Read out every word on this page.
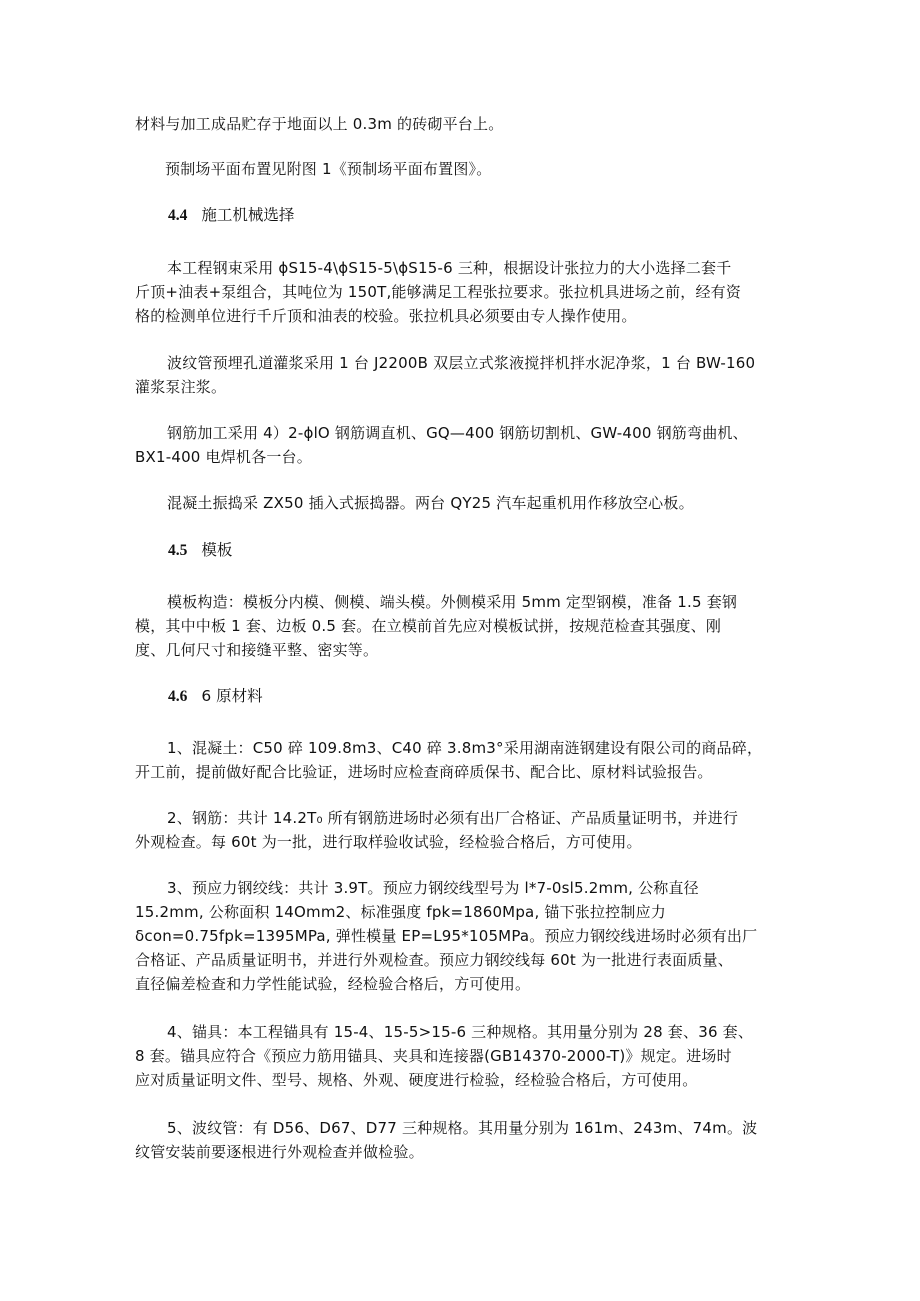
材料与加工成品贮存于地面以上 0.3m 的砖砌平台上。
预制场平面布置见附图 1《预制场平面布置图》。
4.4 施工机械选择
本工程钢束采用 ϕS15-4\ϕS15-5\ϕS15-6 三种，根据设计张拉力的大小选择二套千
斤顶+油表+泵组合，其吨位为 150T,能够满足工程张拉要求。张拉机具进场之前，经有资
格的检测单位进行千斤顶和油表的校验。张拉机具必须要由专人操作使用。
波纹管预埋孔道灌浆采用 1 台 J2200B 双层立式浆液搅拌机拌水泥净浆，1 台 BW-160
灌浆泵注浆。
钢筋加工采用 4）2-ϕlO 钢筋调直机、GQ—400 钢筋切割机、GW-400 钢筋弯曲机、
BX1-400 电焊机各一台。
混凝土振捣采 ZX50 插入式振捣器。两台 QY25 汽车起重机用作移放空心板。
4.5 模板
模板构造：模板分内模、侧模、端头模。外侧模采用 5mm 定型钢模，准备 1.5 套钢
模，其中中板 1 套、边板 0.5 套。在立模前首先应对模板试拼，按规范检查其强度、刚
度、几何尺寸和接缝平整、密实等。
4.6 6 原材料
1、混凝土：C50 碎 109.8m3、C40 碎 3.8m3°采用湖南涟钢建设有限公司的商品碎，
开工前，提前做好配合比验证，进场时应检查商碎质保书、配合比、原材料试验报告。
2、钢筋：共计 14.2T₀ 所有钢筋进场时必须有出厂合格证、产品质量证明书，并进行
外观检查。每 60t 为一批，进行取样验收试验，经检验合格后，方可使用。
3、预应力钢绞线：共计 3.9T。预应力钢绞线型号为 l*7-0sl5.2mm, 公称直径
15.2mm, 公称面积 14Omm2、标准强度 fpk=1860Mpa, 锚下张拉控制应力
δcon=0.75fpk=1395MPa, 弹性模量 EP=L95*105MPa。预应力钢绞线进场时必须有出厂
合格证、产品质量证明书，并进行外观检查。预应力钢绞线每 60t 为一批进行表面质量、
直径偏差检查和力学性能试验，经检验合格后，方可使用。
4、锚具：本工程锚具有 15-4、15-5>15-6 三种规格。其用量分别为 28 套、36 套、
8 套。锚具应符合《预应力筋用锚具、夹具和连接器(GB14370-2000-T)》规定。进场时
应对质量证明文件、型号、规格、外观、硬度进行检验，经检验合格后，方可使用。
5、波纹管：有 D56、D67、D77 三种规格。其用量分别为 161m、243m、74m。波
纹管安装前要逐根进行外观检查并做检验。
